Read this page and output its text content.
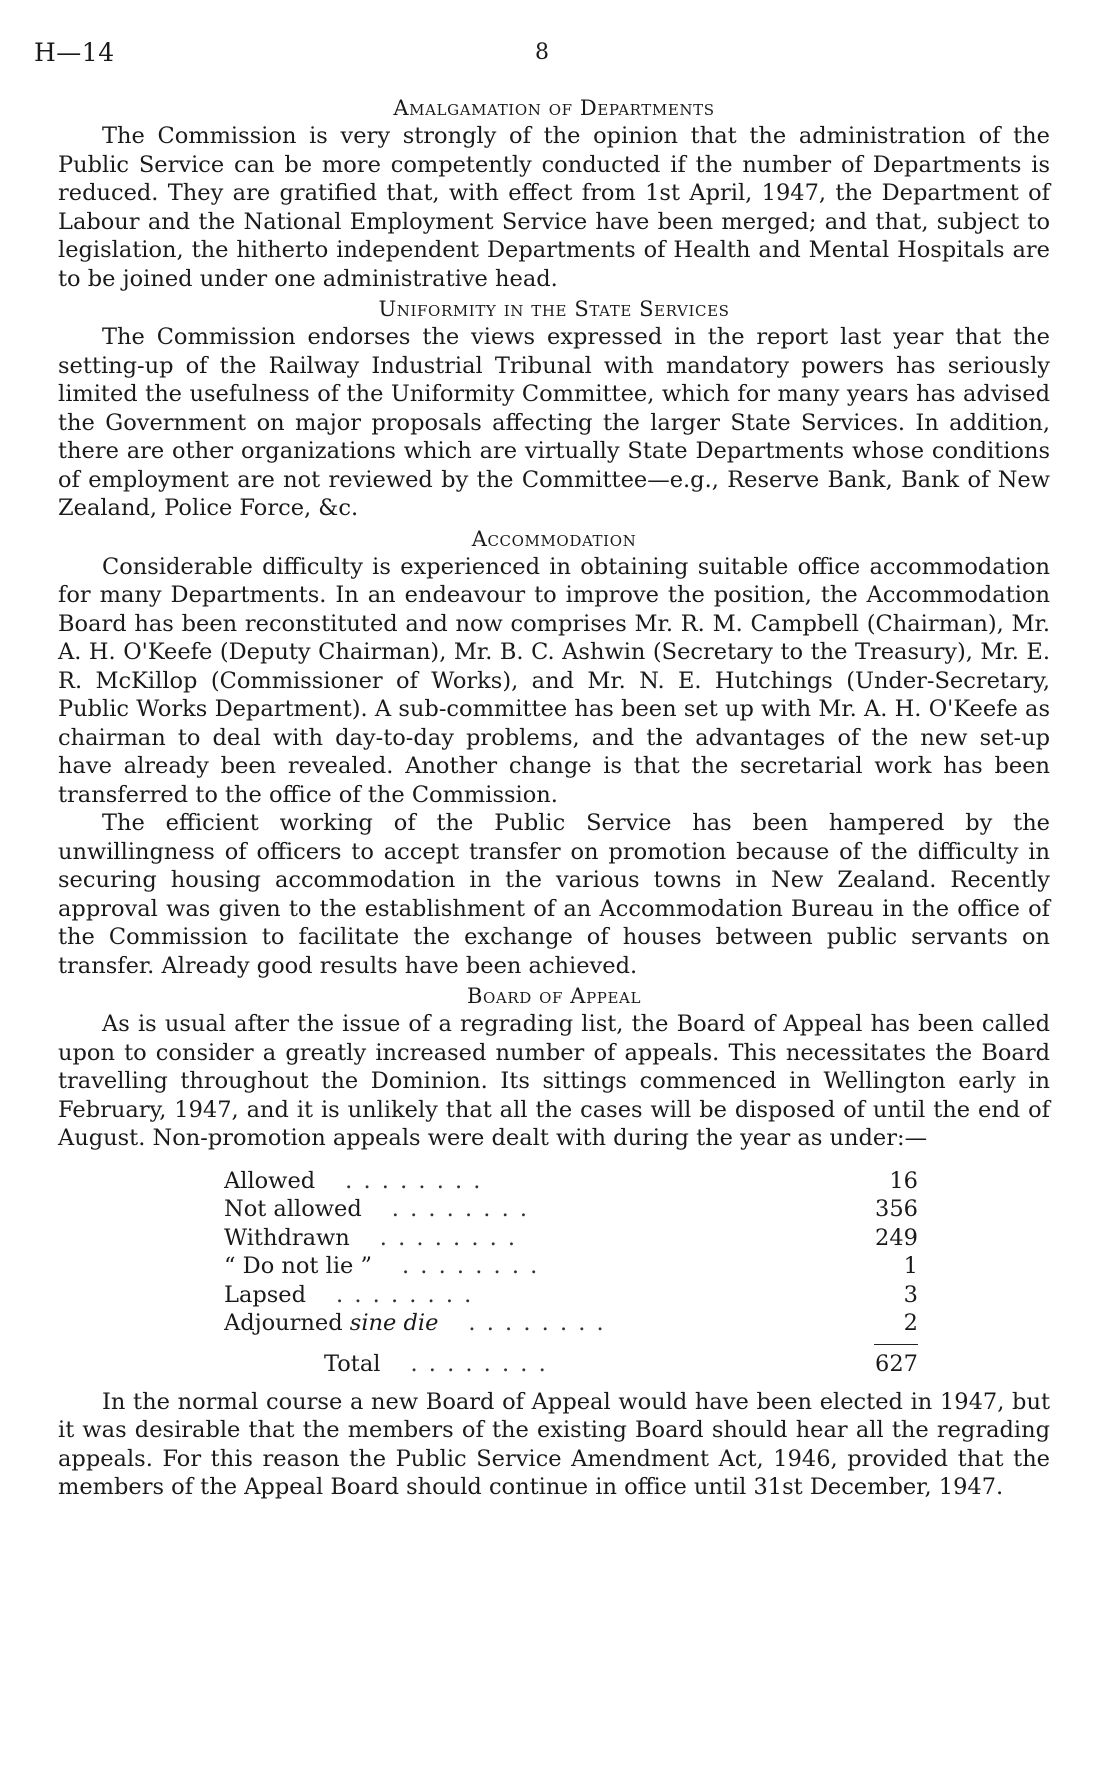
H—14	8
Amalgamation of Departments

The Commission is very strongly of the opinion that the administration of the Public Service can be more competently conducted if the number of Departments is reduced. They are gratified that, with effect from 1st April, 1947, the Department of Labour and the National Employment Service have been merged; and that, subject to legislation, the hitherto independent Departments of Health and Mental Hospitals are to be joined under one administrative head.

Uniformity in the State Services

The Commission endorses the views expressed in the report last year that the setting-up of the Railway Industrial Tribunal with mandatory powers has seriously limited the usefulness of the Uniformity Committee, which for many years has advised the Government on major proposals affecting the larger State Services. In addition, there are other organizations which are virtually State Departments whose conditions of employment are not reviewed by the Committee—e.g., Reserve Bank, Bank of New Zealand, Police Force, &c.

Accommodation

Considerable difficulty is experienced in obtaining suitable office accommodation for many Departments. In an endeavour to improve the position, the Accommodation Board has been reconstituted and now comprises Mr. R. M. Campbell (Chairman), Mr. A. H. O'Keefe (Deputy Chairman), Mr. B. C. Ashwin (Secretary to the Treasury), Mr. E. R. McKillop (Commissioner of Works), and Mr. N. E. Hutchings (Under-Secretary, Public Works Department). A sub-committee has been set up with Mr. A. H. O'Keefe as chairman to deal with day-to-day problems, and the advantages of the new set-up have already been revealed. Another change is that the secretarial work has been transferred to the office of the Commission.

The efficient working of the Public Service has been hampered by the unwillingness of officers to accept transfer on promotion because of the difficulty in securing housing accommodation in the various towns in New Zealand. Recently approval was given to the establishment of an Accommodation Bureau in the office of the Commission to facilitate the exchange of houses between public servants on transfer. Already good results have been achieved.

Board of Appeal

As is usual after the issue of a regrading list, the Board of Appeal has been called upon to consider a greatly increased number of appeals. This necessitates the Board travelling throughout the Dominion. Its sittings commenced in Wellington early in February, 1947, and it is unlikely that all the cases will be disposed of until the end of August. Non-promotion appeals were dealt with during the year as under:—

Allowed . . . . . . . .	16
Not allowed . . . . . . . .	356
Withdrawn . . . . . . . .	249
“ Do not lie ” . . . . . . . .	1
Lapsed . . . . . . . .	3
Adjourned sine die . . . . . . . .	2
Total . . . . . . . .	627

In the normal course a new Board of Appeal would have been elected in 1947, but it was desirable that the members of the existing Board should hear all the regrading appeals. For this reason the Public Service Amendment Act, 1946, provided that the members of the Appeal Board should continue in office until 31st December, 1947.
